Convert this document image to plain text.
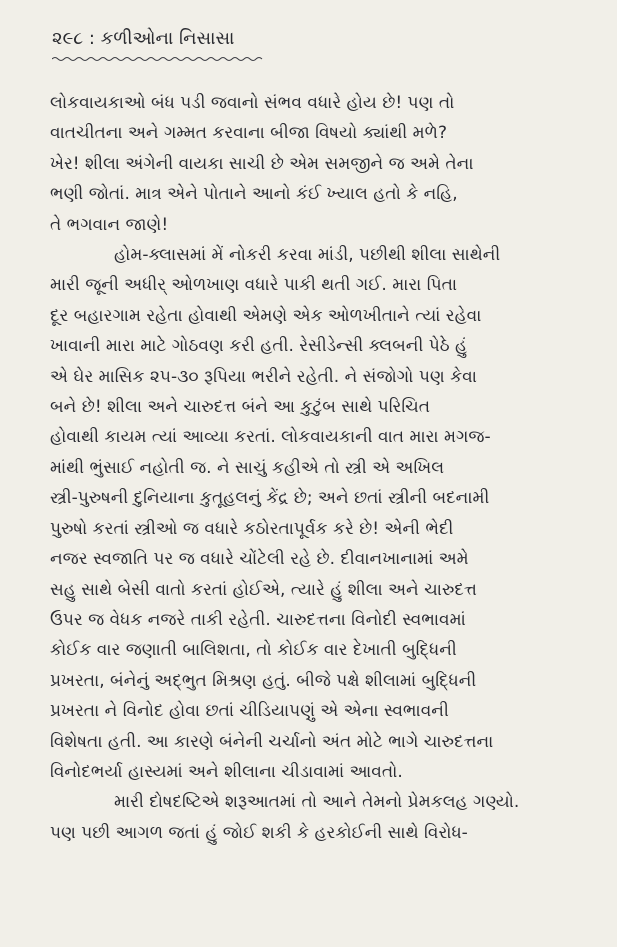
૨૯૮ : કળીઓના નિસાસા

લોકવાયકાઓ બંધ પડી જવાનો સંભવ વધારે હોય છે! પણ તો
વાતચીતના અને ગમ્મત કરવાના બીજા વિષયો ક્યાંથી મળે?
ખેર! શીલા અંગેની વાયકા સાચી છે એમ સમજીને જ અમે તેના
ભણી જોતાં. માત્ર એને પોતાને આનો કંઈ ખ્યાલ હતો કે નહિ,
તે ભગવાન જાણે!

હોમ-ક્લાસમાં મેં નોકરી કરવા માંડી, પછીથી શીલા સાથેની
મારી જૂની અધીર્ ઓળખાણ વધારે પાકી થતી ગઈ. મારા પિતા
દૂર બહારગામ રહેતા હોવાથી એમણે એક ઓળખીતાને ત્યાં રહેવા
ખાવાની મારા માટે ગોઠવણ કરી હતી. રેસીડેન્સી ક્લબની પેઠે હું
એ ઘેર માસિક ૨૫-૩૦ રૂપિયા ભરીને રહેતી. ને સંજોગો પણ કેવા
બને છે! શીલા અને ચારુદત્ત બંને આ કુટુંબ સાથે પરિચિત
હોવાથી કાયમ ત્યાં આવ્યા કરતાં. લોકવાયકાની વાત મારા મગજ-
માંથી ભુંસાઈ નહોતી જ. ને સાચું કહીએ તો સ્ત્રી એ અખિલ
સ્ત્રી-પુરુષની દુનિયાના કુતૂહલનું કેંદ્ર છે; અને છતાં સ્ત્રીની બદનામી
પુરુષો કરતાં સ્ત્રીઓ જ વધારે કઠોરતાપૂર્વક કરે છે! એની ભેદી
નજર સ્વજાતિ પર જ વધારે ચોંટેલી રહે છે. દીવાનખાનામાં અમે
સહુ સાથે બેસી વાતો કરતાં હોઈએ, ત્યારે હું શીલા અને ચારુદત્ત
ઉપર જ વેધક નજરે તાકી રહેતી. ચારુદત્તના વિનોદી સ્વભાવમાં
કોઈક વાર જણાતી બાલિશતા, તો કોઈક વાર દેખાતી બુદ્ધિની
પ્રખરતા, બંનેનું અદ્ભુત મિશ્રણ હતું. બીજે પક્ષે શીલામાં બુદ્ધિની
પ્રખરતા ને વિનોદ હોવા છતાં ચીડિયાપણું એ એના સ્વભાવની
વિશેષતા હતી. આ કારણે બંનેની ચર્ચાનો અંત મોટે ભાગે ચારુદત્તના
વિનોદભર્યા હાસ્યમાં અને શીલાના ચીડાવામાં આવતો.

મારી દોષદષ્ટિએ શરૂઆતમાં તો આને તેમનો પ્રેમકલહ ગણ્યો.
પણ પછી આગળ જતાં હું જોઈ શકી કે હરકોઈની સાથે વિરોધ-
